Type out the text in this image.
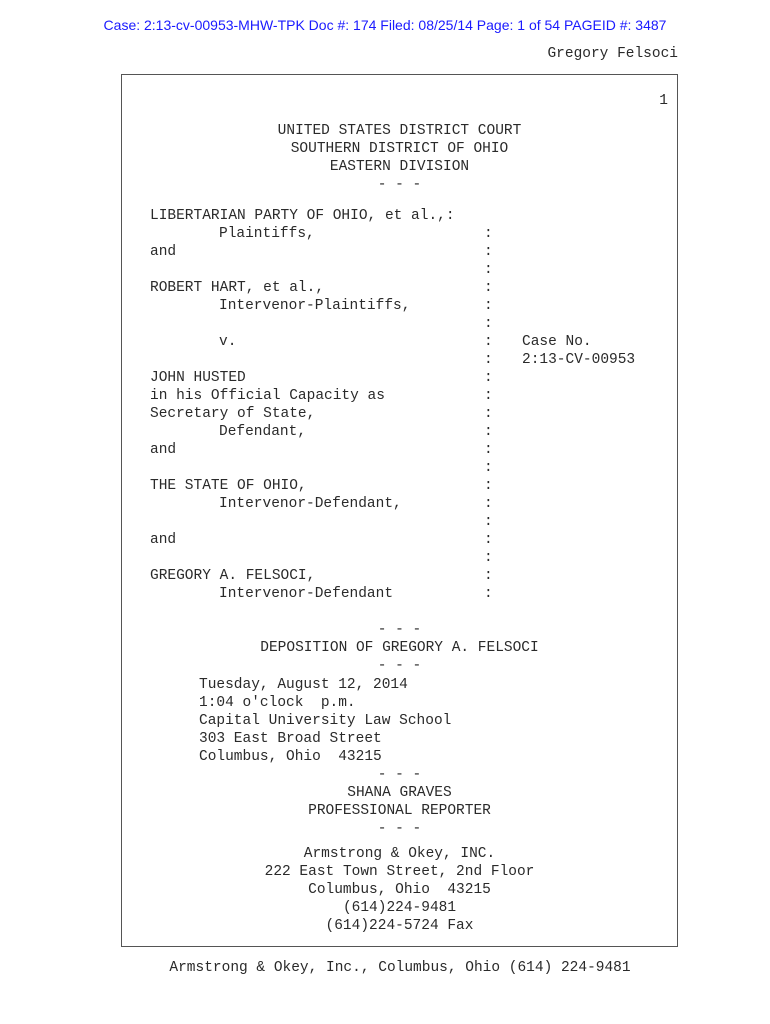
Case: 2:13-cv-00953-MHW-TPK Doc #: 174 Filed: 08/25/14 Page: 1 of 54 PAGEID #: 3487
Gregory Felsoci
1
UNITED STATES DISTRICT COURT
SOUTHERN DISTRICT OF OHIO
EASTERN DIVISION
- - -
LIBERTARIAN PARTY OF OHIO, et al.,:
Plaintiffs,
and
ROBERT HART, et al.,
Intervenor-Plaintiffs,
v.
JOHN HUSTED
in his Official Capacity as
Secretary of State,
Defendant,
and
THE STATE OF OHIO,
Intervenor-Defendant,
and
GREGORY A. FELSOCI,
Intervenor-Defendant
:
:
:
:
:
:
:
:
:
:
:
:
:
:
:
:
:
:
:
:
:
Case No.
2:13-CV-00953
- - -
DEPOSITION OF GREGORY A. FELSOCI
- - -
Tuesday, August 12, 2014
1:04 o'clock  p.m.
Capital University Law School
303 East Broad Street
Columbus, Ohio  43215
- - -
SHANA GRAVES
PROFESSIONAL REPORTER
- - -
Armstrong & Okey, INC.
222 East Town Street, 2nd Floor
Columbus, Ohio  43215
(614)224-9481
(614)224-5724 Fax
Armstrong & Okey, Inc., Columbus, Ohio (614) 224-9481
